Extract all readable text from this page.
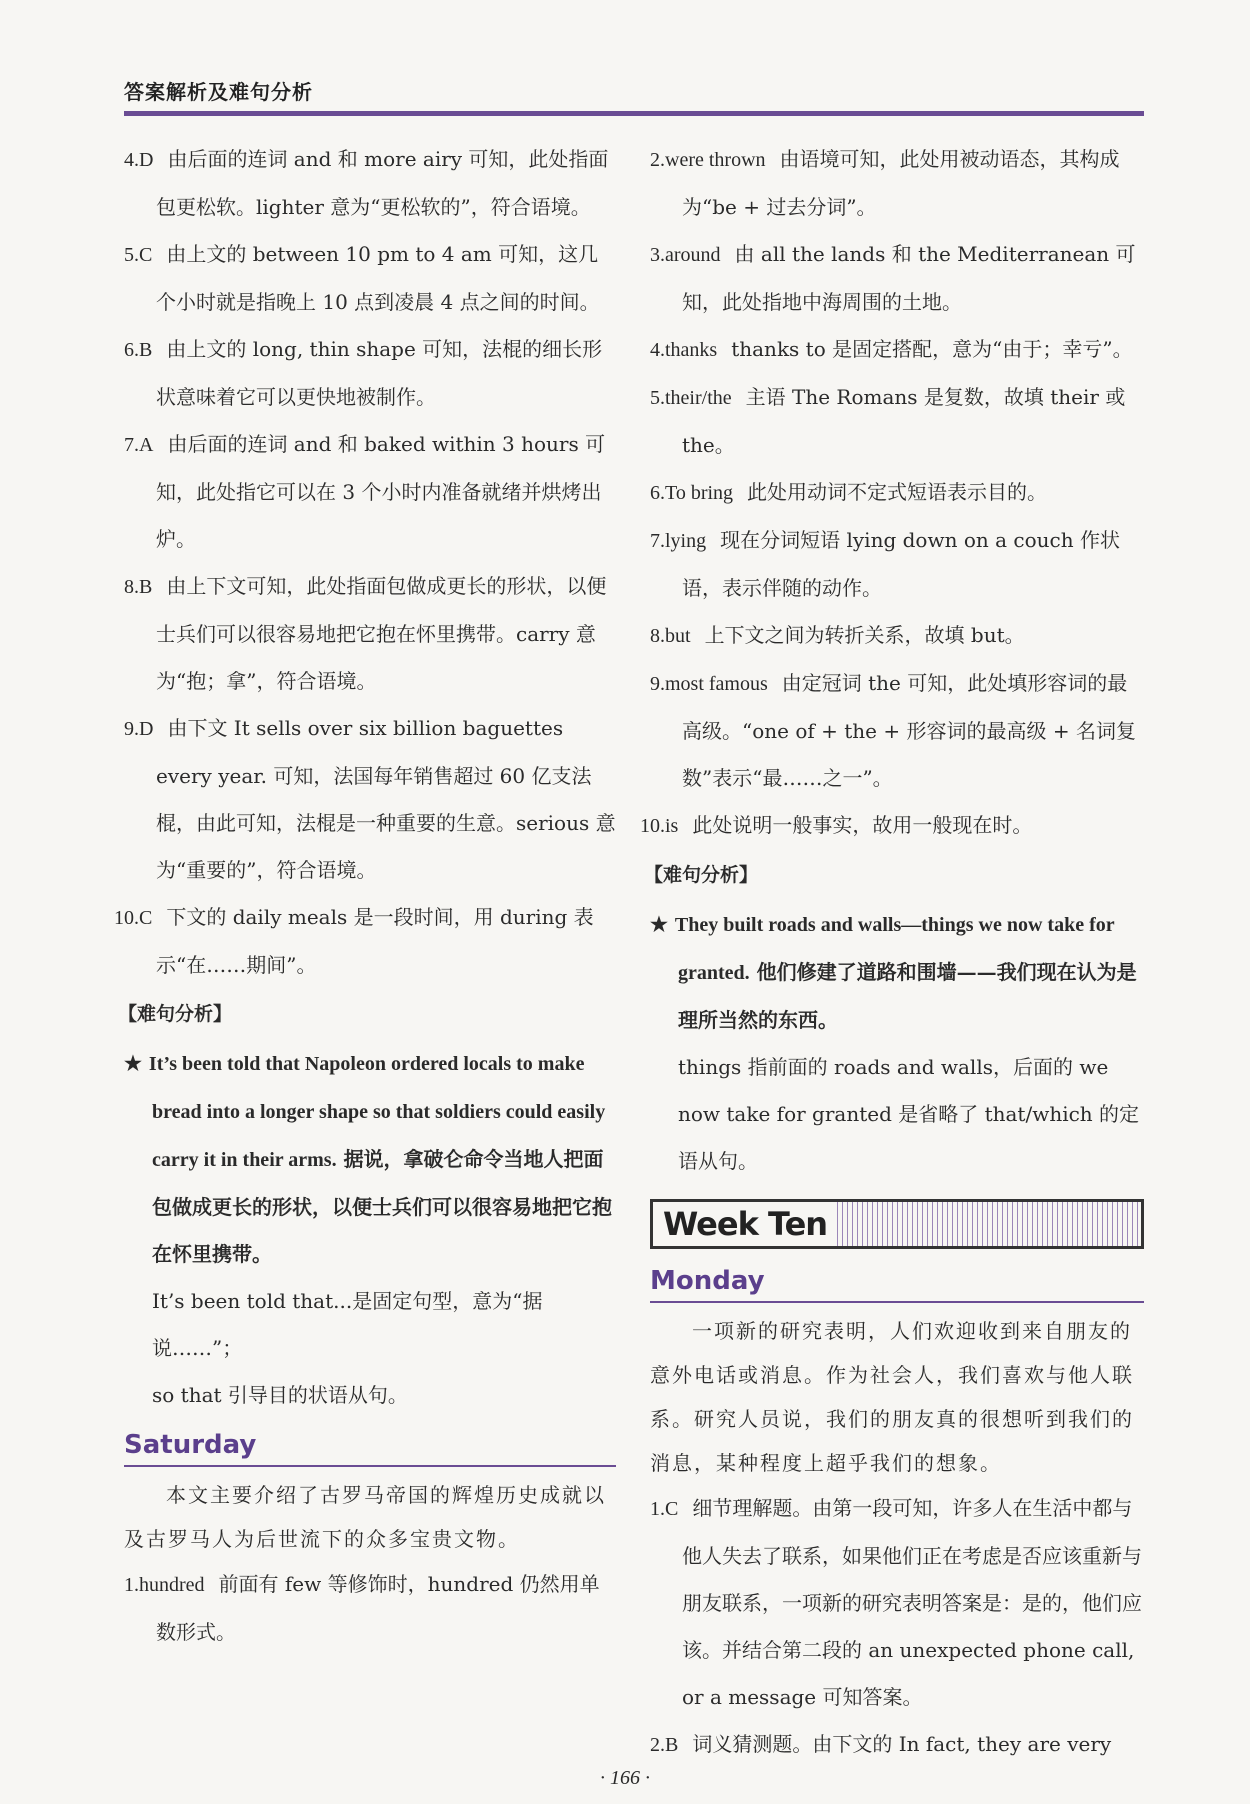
答案解析及难句分析
4.D 由后面的连词 and 和 more airy 可知，此处指面包更松软。lighter 意为“更松软的”，符合语境。
5.C 由上文的 between 10 pm to 4 am 可知，这几个小时就是指晚上 10 点到凌晨 4 点之间的时间。
6.B 由上文的 long, thin shape 可知，法棍的细长形状意味着它可以更快地被制作。
7.A 由后面的连词 and 和 baked within 3 hours 可知，此处指它可以在 3 个小时内准备就绪并烘烤出炉。
8.B 由上下文可知，此处指面包做成更长的形状，以便士兵们可以很容易地把它抱在怀里携带。carry 意为“抱；拿”，符合语境。
9.D 由下文 It sells over six billion baguettes every year. 可知，法国每年销售超过 60 亿支法棍，由此可知，法棍是一种重要的生意。serious 意为“重要的”，符合语境。
10.C 下文的 daily meals 是一段时间，用 during 表示“在……期间”。
【难句分析】
★ It’s been told that Napoleon ordered locals to make bread into a longer shape so that soldiers could easily carry it in their arms. 据说，拿破仑命令当地人把面包做成更长的形状，以便士兵们可以很容易地把它抱在怀里携带。
It’s been told that...是固定句型，意为“据说……”；
so that 引导目的状语从句。
Saturday
本文主要介绍了古罗马帝国的辉煌历史成就以及古罗马人为后世流下的众多宝贵文物。
1.hundred 前面有 few 等修饰时，hundred 仍然用单数形式。
2.were thrown 由语境可知，此处用被动语态，其构成为“be + 过去分词”。
3.around 由 all the lands 和 the Mediterranean 可知，此处指地中海周围的土地。
4.thanks thanks to 是固定搭配，意为“由于；幸亏”。
5.their/the 主语 The Romans 是复数，故填 their 或 the。
6.To bring 此处用动词不定式短语表示目的。
7.lying 现在分词短语 lying down on a couch 作状语，表示伴随的动作。
8.but 上下文之间为转折关系，故填 but。
9.most famous 由定冠词 the 可知，此处填形容词的最高级。“one of + the + 形容词的最高级 + 名词复数”表示“最……之一”。
10.is 此处说明一般事实，故用一般现在时。
【难句分析】
★ They built roads and walls—things we now take for granted. 他们修建了道路和围墙——我们现在认为是理所当然的东西。
things 指前面的 roads and walls，后面的 we now take for granted 是省略了 that/which 的定语从句。
Week Ten
Monday
一项新的研究表明，人们欢迎收到来自朋友的意外电话或消息。作为社会人，我们喜欢与他人联系。研究人员说，我们的朋友真的很想听到我们的消息，某种程度上超乎我们的想象。
1.C 细节理解题。由第一段可知，许多人在生活中都与他人失去了联系，如果他们正在考虑是否应该重新与朋友联系，一项新的研究表明答案是：是的，他们应该。并结合第二段的 an unexpected phone call, or a message 可知答案。
2.B 词义猜测题。由下文的 In fact, they are very
· 166 ·
